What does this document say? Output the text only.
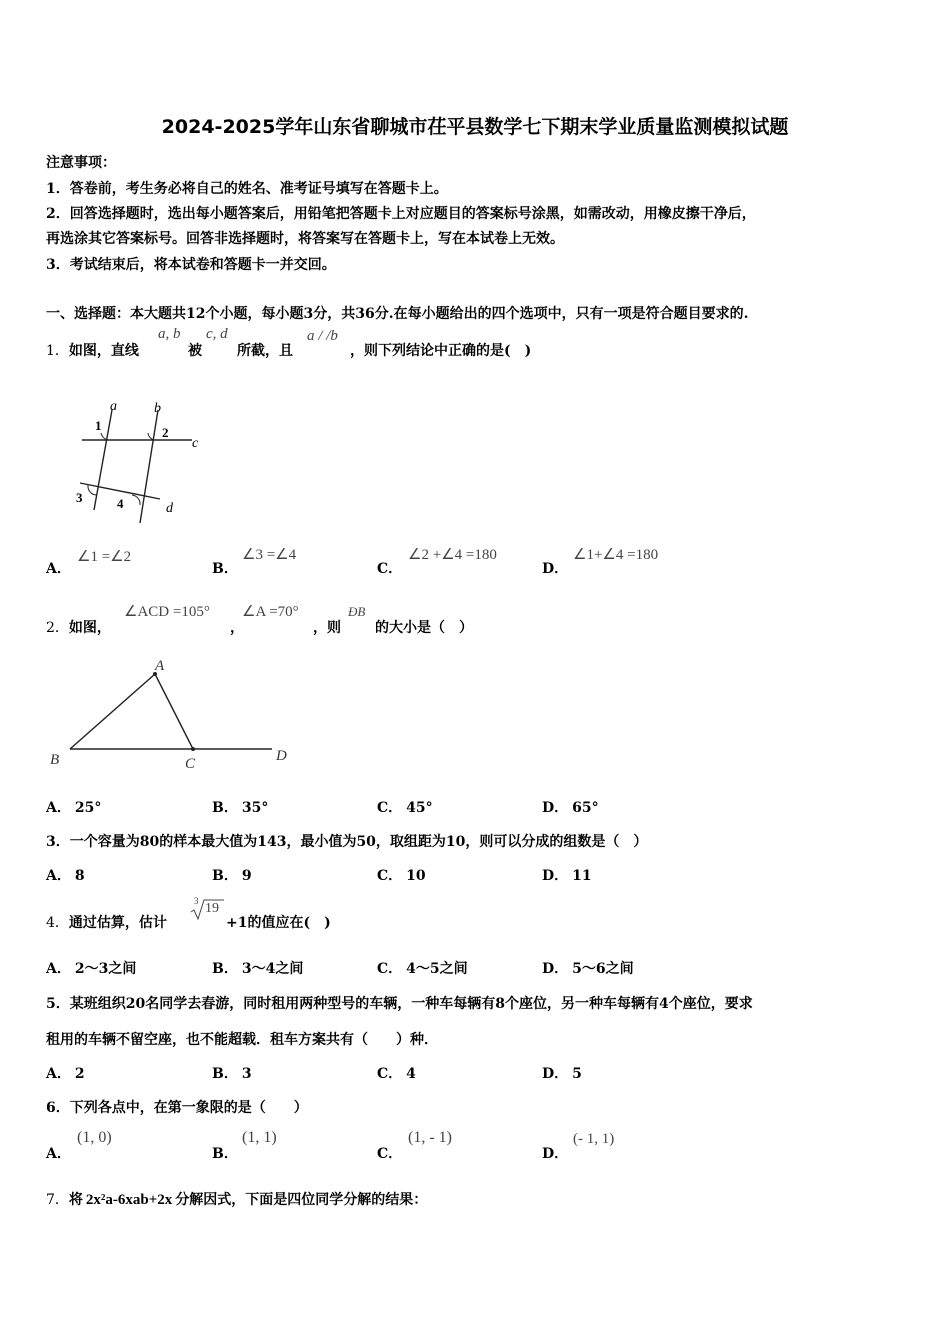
2024-2025学年山东省聊城市茌平县数学七下期末学业质量监测模拟试题
注意事项：
1．答卷前，考生务必将自己的姓名、准考证号填写在答题卡上。
2．回答选择题时，选出每小题答案后，用铅笔把答题卡上对应题目的答案标号涂黑，如需改动，用橡皮擦干净后，
再选涂其它答案标号。回答非选择题时，将答案写在答题卡上，写在本试卷上无效。
3．考试结束后，将本试卷和答题卡一并交回。
一、选择题：本大题共12个小题，每小题3分，共36分.在每小题给出的四个选项中，只有一项是符合题目要求的.
1．如图，直线
a, b
被
c, d
所截，且
a / /b
，则下列结论中正确的是(　)
a	b
c
d
1	2
3	4
A．
∠1 =∠2
B．
∠3 =∠4
C．
∠2 +∠4 =180
D．
∠1+∠4 =180
2．如图，
∠ACD =105°
，
∠A =70°
，则
ÐB
的大小是（　）
A
B	C	D
A． 25°	B． 35°	C． 45°	D． 65°
3．一个容量为80的样本最大值为143，最小值为50，取组距为10，则可以分成的组数是（　）
A． 8	B． 9	C． 10	D． 11
4．通过估算，估计
3 19
+1的值应在(　)
A． 2～3之间	B． 3～4之间	C． 4～5之间	D． 5～6之间
5．某班组织20名同学去春游，同时租用两种型号的车辆，一种车每辆有8个座位，另一种车每辆有4个座位，要求
租用的车辆不留空座，也不能超载．租车方案共有（　　）种．
A． 2	B． 3	C． 4	D． 5
6．下列各点中，在第一象限的是（　　）
A．
(1, 0)
B．
(1, 1)
C．
(1, - 1)
D．
(- 1, 1)
7．将 2x²a-6xab+2x 分解因式，下面是四位同学分解的结果：
